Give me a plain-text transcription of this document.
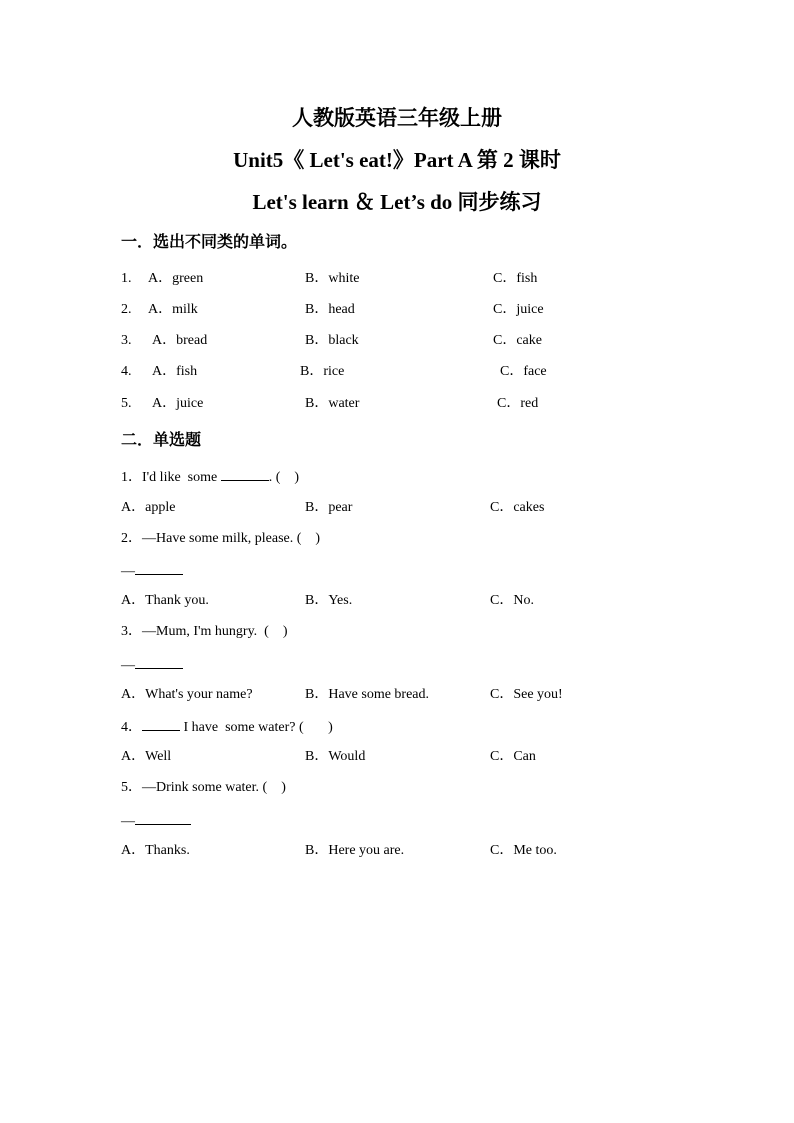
人教版英语三年级上册
Unit5《 Let's eat!》Part A 第 2 课时
Let's learn ＆ Let’s do 同步练习
一．选出不同类的单词。
1. A．green	B．white	C．fish
2. A．milk	B．head	C．juice
3. A．bread	B．black	C．cake
4. A．fish	B．rice	C．face
5. A．juice	B．water	C．red
二．单选题
1．I'd like  some	. (    )
A．apple	B．pear	C．cakes
2．—Have some milk, please. (    )
—
A．Thank you.	B．Yes.	C．No.
3．—Mum, I'm hungry.  (    )
—
A．What's your name?	B．Have some bread.	C．See you!
4．	I have  some water? (       )
A．Well	B．Would	C．Can
5．—Drink some water. (    )
—
A．Thanks.	B．Here you are.	C．Me too.
